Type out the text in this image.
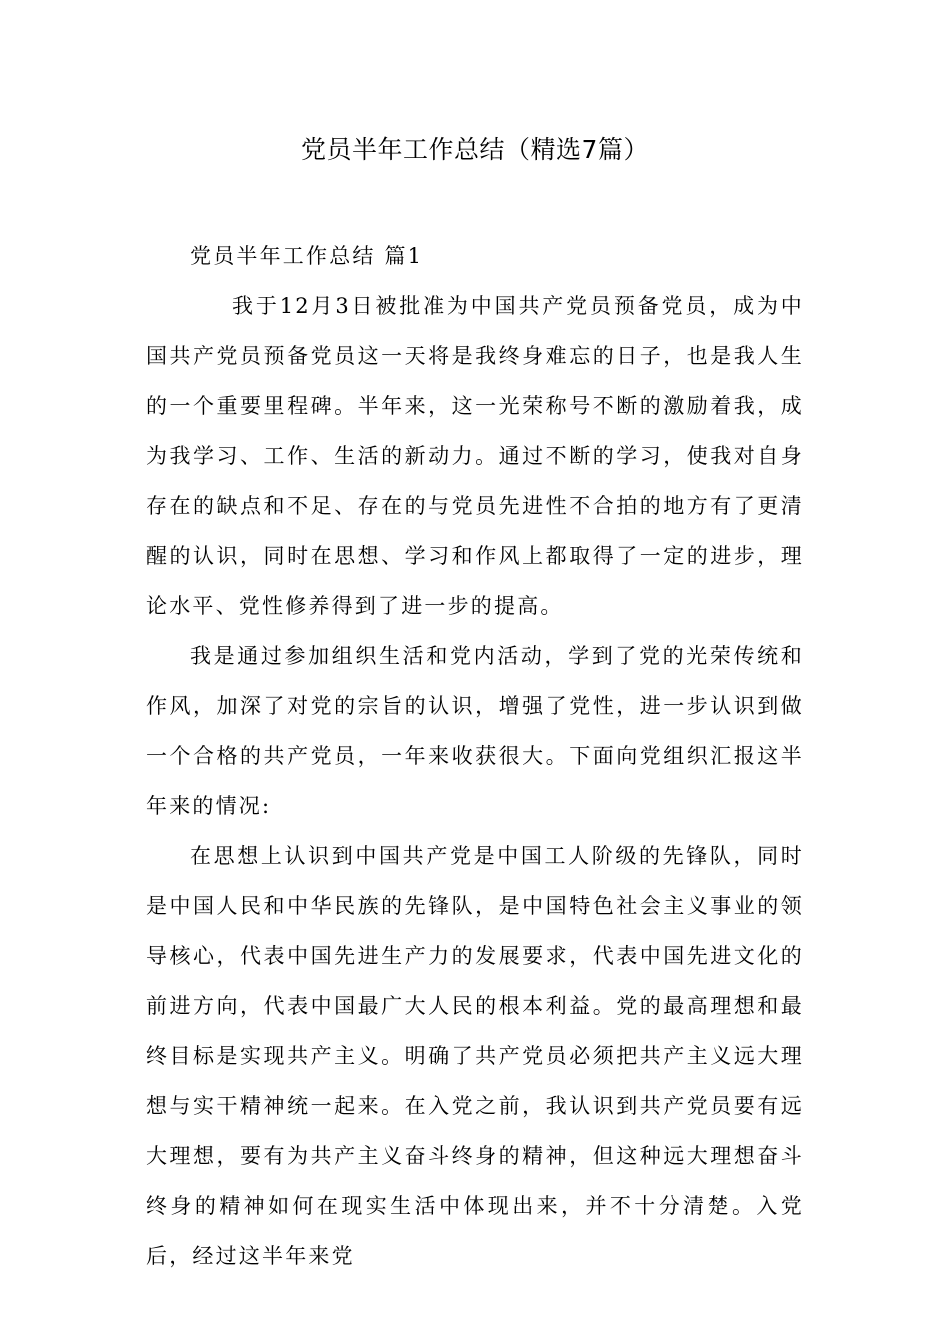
党员半年工作总结（精选7篇）
党员半年工作总结 篇1

我于12月3日被批准为中国共产党员预备党员，成为中国共产党员预备党员这一天将是我终身难忘的日子，也是我人生的一个重要里程碑。半年来，这一光荣称号不断的激励着我，成为我学习、工作、生活的新动力。通过不断的学习，使我对自身存在的缺点和不足、存在的与党员先进性不合拍的地方有了更清醒的认识，同时在思想、学习和作风上都取得了一定的进步，理论水平、党性修养得到了进一步的提高。

我是通过参加组织生活和党内活动，学到了党的光荣传统和作风，加深了对党的宗旨的认识，增强了党性，进一步认识到做一个合格的共产党员，一年来收获很大。下面向党组织汇报这半年来的情况:

在思想上认识到中国共产党是中国工人阶级的先锋队，同时是中国人民和中华民族的先锋队，是中国特色社会主义事业的领导核心，代表中国先进生产力的发展要求，代表中国先进文化的前进方向，代表中国最广大人民的根本利益。党的最高理想和最终目标是实现共产主义。明确了共产党员必须把共产主义远大理想与实干精神统一起来。在入党之前，我认识到共产党员要有远大理想，要有为共产主义奋斗终身的精神，但这种远大理想奋斗终身的精神如何在现实生活中体现出来，并不十分清楚。入党后，经过这半年来党
